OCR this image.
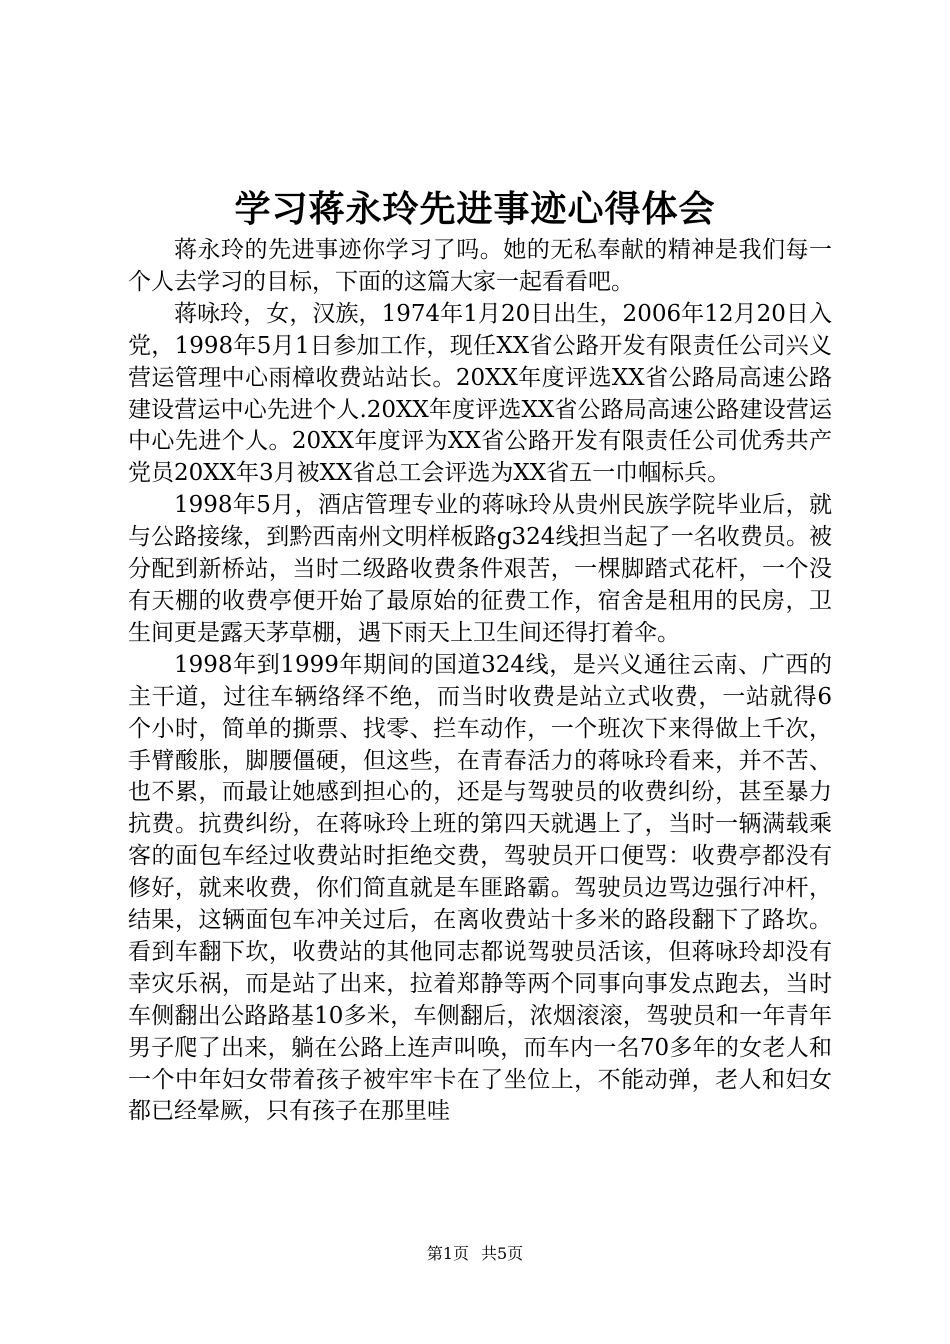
学习蒋永玲先进事迹心得体会

蒋永玲的先进事迹你学习了吗。她的无私奉献的精神是我们每一个人去学习的目标，下面的这篇大家一起看看吧。

蒋咏玲，女，汉族，1974年1月20日出生，2006年12月20日入党，1998年5月1日参加工作，现任XX省公路开发有限责任公司兴义营运管理中心雨樟收费站站长。20XX年度评选XX省公路局高速公路建设营运中心先进个人.20XX年度评选XX省公路局高速公路建设营运中心先进个人。20XX年度评为XX省公路开发有限责任公司优秀共产党员20XX年3月被XX省总工会评选为XX省五一巾帼标兵。

1998年5月，酒店管理专业的蒋咏玲从贵州民族学院毕业后，就与公路接缘，到黔西南州文明样板路g324线担当起了一名收费员。被分配到新桥站，当时二级路收费条件艰苦，一棵脚踏式花杆，一个没有天棚的收费亭便开始了最原始的征费工作，宿舍是租用的民房，卫生间更是露天茅草棚，遇下雨天上卫生间还得打着伞。

1998年到1999年期间的国道324线，是兴义通往云南、广西的主干道，过往车辆络绎不绝，而当时收费是站立式收费，一站就得6个小时，简单的撕票、找零、拦车动作，一个班次下来得做上千次，手臂酸胀，脚腰僵硬，但这些，在青春活力的蒋咏玲看来，并不苦、也不累，而最让她感到担心的，还是与驾驶员的收费纠纷，甚至暴力抗费。抗费纠纷，在蒋咏玲上班的第四天就遇上了，当时一辆满载乘客的面包车经过收费站时拒绝交费，驾驶员开口便骂：收费亭都没有修好，就来收费，你们简直就是车匪路霸。驾驶员边骂边强行冲杆，结果，这辆面包车冲关过后，在离收费站十多米的路段翻下了路坎。看到车翻下坎，收费站的其他同志都说驾驶员活该，但蒋咏玲却没有幸灾乐祸，而是站了出来，拉着郑静等两个同事向事发点跑去，当时车侧翻出公路路基10多米，车侧翻后，浓烟滚滚，驾驶员和一年青年男子爬了出来，躺在公路上连声叫唤，而车内一名70多年的女老人和一个中年妇女带着孩子被牢牢卡在了坐位上，不能动弹，老人和妇女都已经晕厥，只有孩子在那里哇

第1页 共5页
